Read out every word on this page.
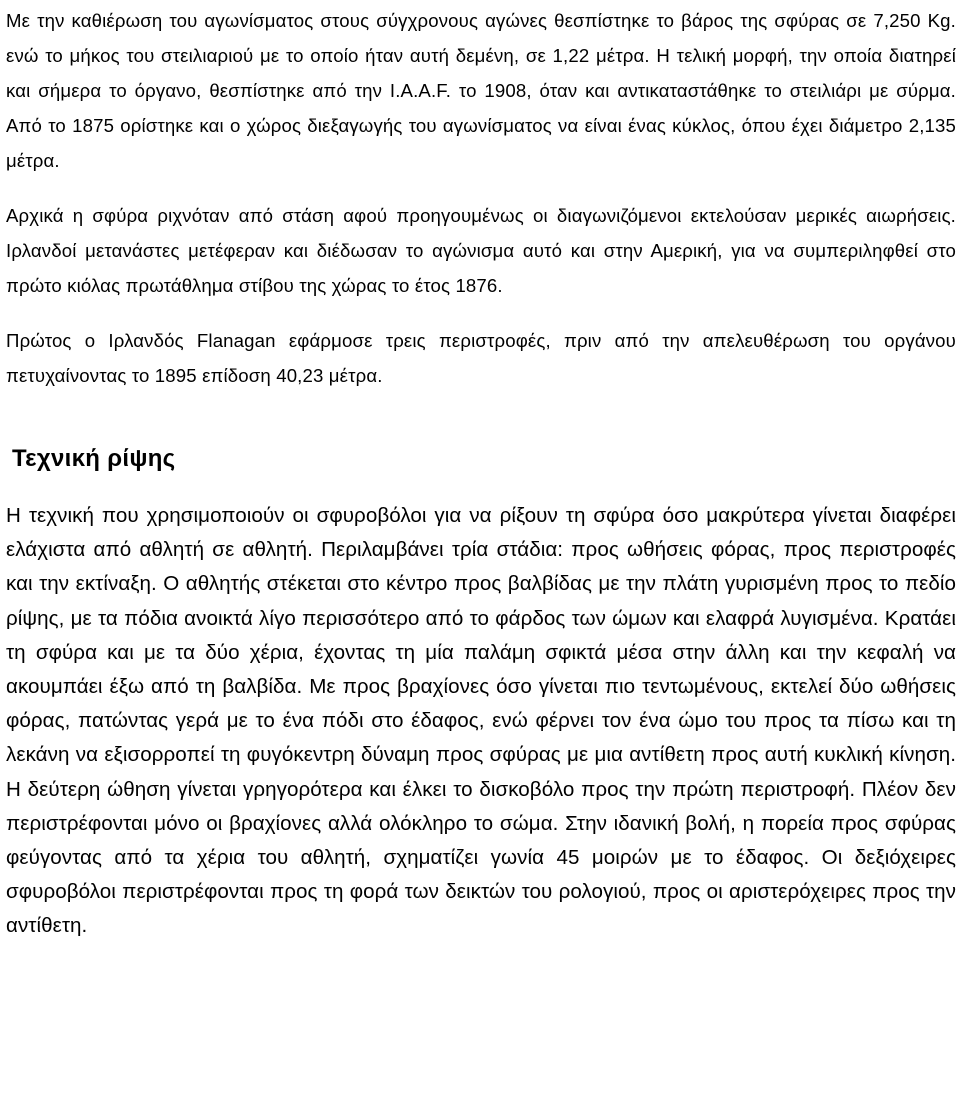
Με την καθιέρωση του αγωνίσματος στους σύγχρονους αγώνες θεσπίστηκε το βάρος της σφύρας σε 7,250 Kg. ενώ το μήκος του στειλιαριού με το οποίο ήταν αυτή δεμένη, σε 1,22 μέτρα. Η τελική μορφή, την οποία διατηρεί και σήμερα το όργανο, θεσπίστηκε από την I.A.A.F. το 1908, όταν και αντικαταστάθηκε το στειλιάρι με σύρμα. Από το 1875 ορίστηκε και ο χώρος διεξαγωγής του αγωνίσματος να είναι ένας κύκλος, όπου έχει διάμετρο 2,135 μέτρα.

Αρχικά η σφύρα ριχνόταν από στάση αφού προηγουμένως οι διαγωνιζόμενοι εκτελούσαν μερικές αιωρήσεις. Ιρλανδοί μετανάστες μετέφεραν και διέδωσαν το αγώνισμα αυτό και στην Αμερική, για να συμπεριληφθεί στο πρώτο κιόλας πρωτάθλημα στίβου της χώρας το έτος 1876.

Πρώτος ο Ιρλανδός Flanagan εφάρμοσε τρεις περιστροφές, πριν από την απελευθέρωση του οργάνου πετυχαίνοντας το 1895 επίδοση 40,23 μέτρα.

Τεχνική ρίψης

Η τεχνική που χρησιμοποιούν οι σφυροβόλοι για να ρίξουν τη σφύρα όσο μακρύτερα γίνεται διαφέρει ελάχιστα από αθλητή σε αθλητή. Περιλαμβάνει τρία στάδια: προς ωθήσεις φόρας, προς περιστροφές και την εκτίναξη. Ο αθλητής στέκεται στο κέντρο προς βαλβίδας με την πλάτη γυρισμένη προς το πεδίο ρίψης, με τα πόδια ανοικτά λίγο περισσότερο από το φάρδος των ώμων και ελαφρά λυγισμένα. Κρατάει τη σφύρα και με τα δύο χέρια, έχοντας τη μία παλάμη σφικτά μέσα στην άλλη και την κεφαλή να ακουμπάει έξω από τη βαλβίδα. Με προς βραχίονες όσο γίνεται πιο τεντωμένους, εκτελεί δύο ωθήσεις φόρας, πατώντας γερά με το ένα πόδι στο έδαφος, ενώ φέρνει τον ένα ώμο του προς τα πίσω και τη λεκάνη να εξισορροπεί τη φυγόκεντρη δύναμη προς σφύρας με μια αντίθετη προς αυτή κυκλική κίνηση. Η δεύτερη ώθηση γίνεται γρηγορότερα και έλκει το δισκοβόλο προς την πρώτη περιστροφή. Πλέον δεν περιστρέφονται μόνο οι βραχίονες αλλά ολόκληρο το σώμα. Στην ιδανική βολή, η πορεία προς σφύρας φεύγοντας από τα χέρια του αθλητή, σχηματίζει γωνία 45 μοιρών με το έδαφος. Οι δεξιόχειρες σφυροβόλοι περιστρέφονται προς τη φορά των δεικτών του ρολογιού, προς οι αριστερόχειρες προς την αντίθετη.
